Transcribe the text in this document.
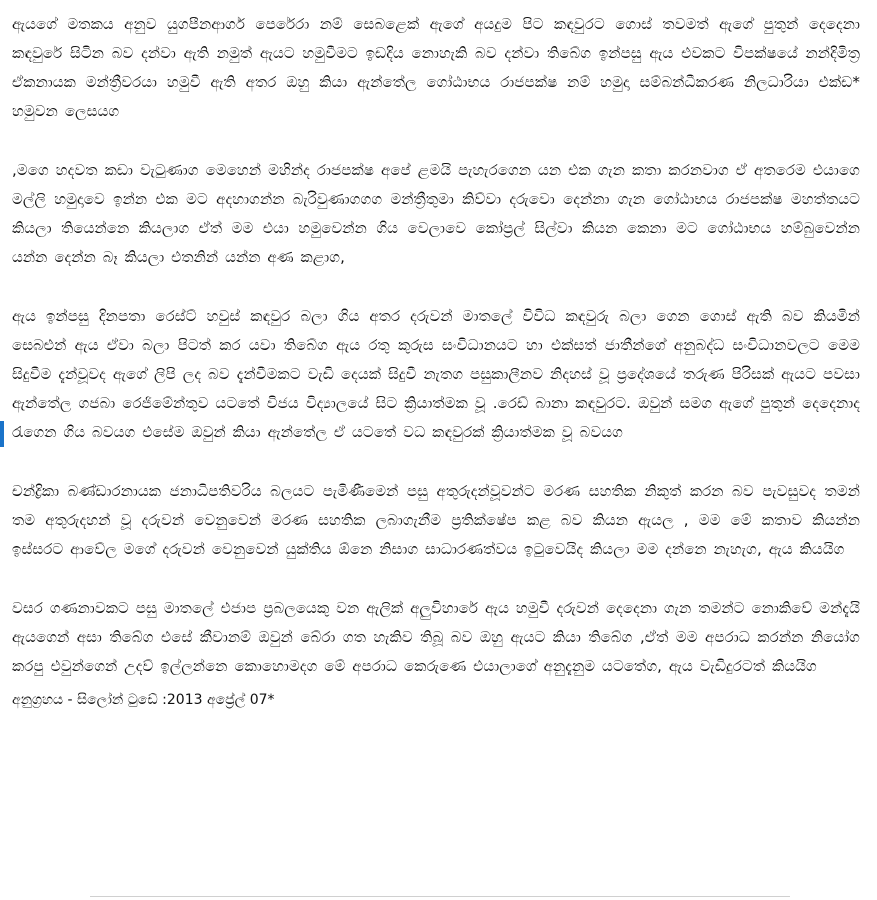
ඇයගේ මතකය අනුව යුගපීනආර්ග පෙරේරා නම් සෙබළෙක් ඇගේ අයදුම පිට කඳවුරට ගොස් තවමත් ඇගේ පුතුන් දෙදෙනා කඳවුරේ සිටින බව දන්වා ඇති නමුත් ඇයට හමුවීමට ඉඩදිය නොහැකි බව දන්වා තිබේග ඉන්පසු ඇය එවකට විපක්ෂයේ නන්දිමිත්‍ර ඒකනායක මන්ත්‍රීවරයා හමුවී ඇති අතර ඔහු කියා ඇන්තේල ගෝඨාභය රාජපක්ෂ නම් හමුදා සම්බන්ධීකරණ නිලධාරියා එක්ඩ* හමුවන ලෙසයග

,මගෙ හදවත කඩා වැටුණාග මෙහෙන් මහින්ද රාජපක්ෂ අපේ ළමයි පැහැරගෙන යන එක ගැන කතා කරනවාග ඒ අතරෙම එයාගෙ මල්ලි හමුදාවෙ ඉන්න එක මට අදහාගන්න බැරිවුණාගගග මන්ත්‍රීතුමා කිව්වා දරුවො දෙන්නා ගැන ගෝඨාභය රාජපක්ෂ මහත්තයට කියලා තියෙන්නෙ කියලාග ඒත් මම එයා හමුවෙන්න ගිය වෙලාවෙ කෝප්‍රල් සිල්වා කියන කෙනා මට ගෝඨාභය හම්බුවෙන්න යන්න දෙන්න බෑ කියලා එතනින් යන්න අණ කළාග,

ඇය ඉන්පසු දිනපතා රෙස්ට් හවුස් කඳවුර බලා ගිය අතර දරුවන් මාතලේ විවිධ කඳවුරු බලා ගෙන ගොස් ඇති බව කියමින් සෙබළුන් ඇය ඒවා බලා පිටත් කර යවා තිබේග ඇය රතු කුරුස සංවිධානයට හා එක්සත් ජාතීන්ගේ අනුබද්ධ සංවිධානවලට මෙම සිදුවීම දැන්වූවද ඇගේ ලිපි ලද බව දැන්වීමකට වැඩි දෙයක් සිදුවී නැතග පසුකාලීනව නිදහස් වූ ප්‍රදේශයේ තරුණ පිරිසක් ඇයට පවසා ඇන්තේල ගජබා රෙජිමේන්තුව යටතේ විජය විද්‍යාලයේ සිට ක්‍රියාත්මක වූ .රෙඩ් බානා කඳවුරට. ඔවුන් සමග ඇගේ පුතුන් දෙදෙනාද රැගෙන ගිය බවයග එසේම ඔවුන් කියා ඇන්තේල ඒ යටතේ වධ කඳවුරක් ක්‍රියාත්මක වූ බවයග

චන්ද්‍රිකා බණ්ඩාරනායක ජනාධිපතිවරිය බලයට පැමිණීමෙන් පසු අතුරුදන්වූවන්ට මරණ සහතික නිකුත් කරන බව පැවසුවද තමන් තම අතුරුදහන් වූ දරුවන් වෙනුවෙන් මරණ සහතික ලබාගැනීම ප්‍රතික්ෂේප කළ බව කියන ඇයල , මම මේ කතාව කියන්න ඉස්සරට ආවේල මගේ දරුවන් වෙනුවෙන් යුක්තිය ඕනෙ නිසාග සාධාරණත්වය ඉටුවෙයිද කියලා මම දන්නෙ නැහැග, ඇය කියයිග

වසර ගණනාවකට පසු මාතලේ එජාප ප්‍රබලයෙකු වන ඇලික් අලුවිහාරේ ඇය හමුවී දරුවන් දෙදෙනා ගැන තමන්ට නොකිවේ මන්දැයි ඇයගෙන් අසා තිබේග එසේ කීවානම් ඔවුන් බේරා ගත හැකිව තිබූ බව ඔහු ඇයට කියා තිබේග ,ඒත් මම අපරාධ කරන්න නියෝග කරපු එවුන්ගෙන් උදව් ඉල්ලන්නෙ කොහොමදග මේ අපරාධ කෙරුණෙ එයාලාගේ අනුදැනුම යටතේග, ඇය වැඩිදුරටත් කියයිග

අනුග්‍රහය - සිලෝන් ටුඩේ :2013 අප්‍රේල් 07*
